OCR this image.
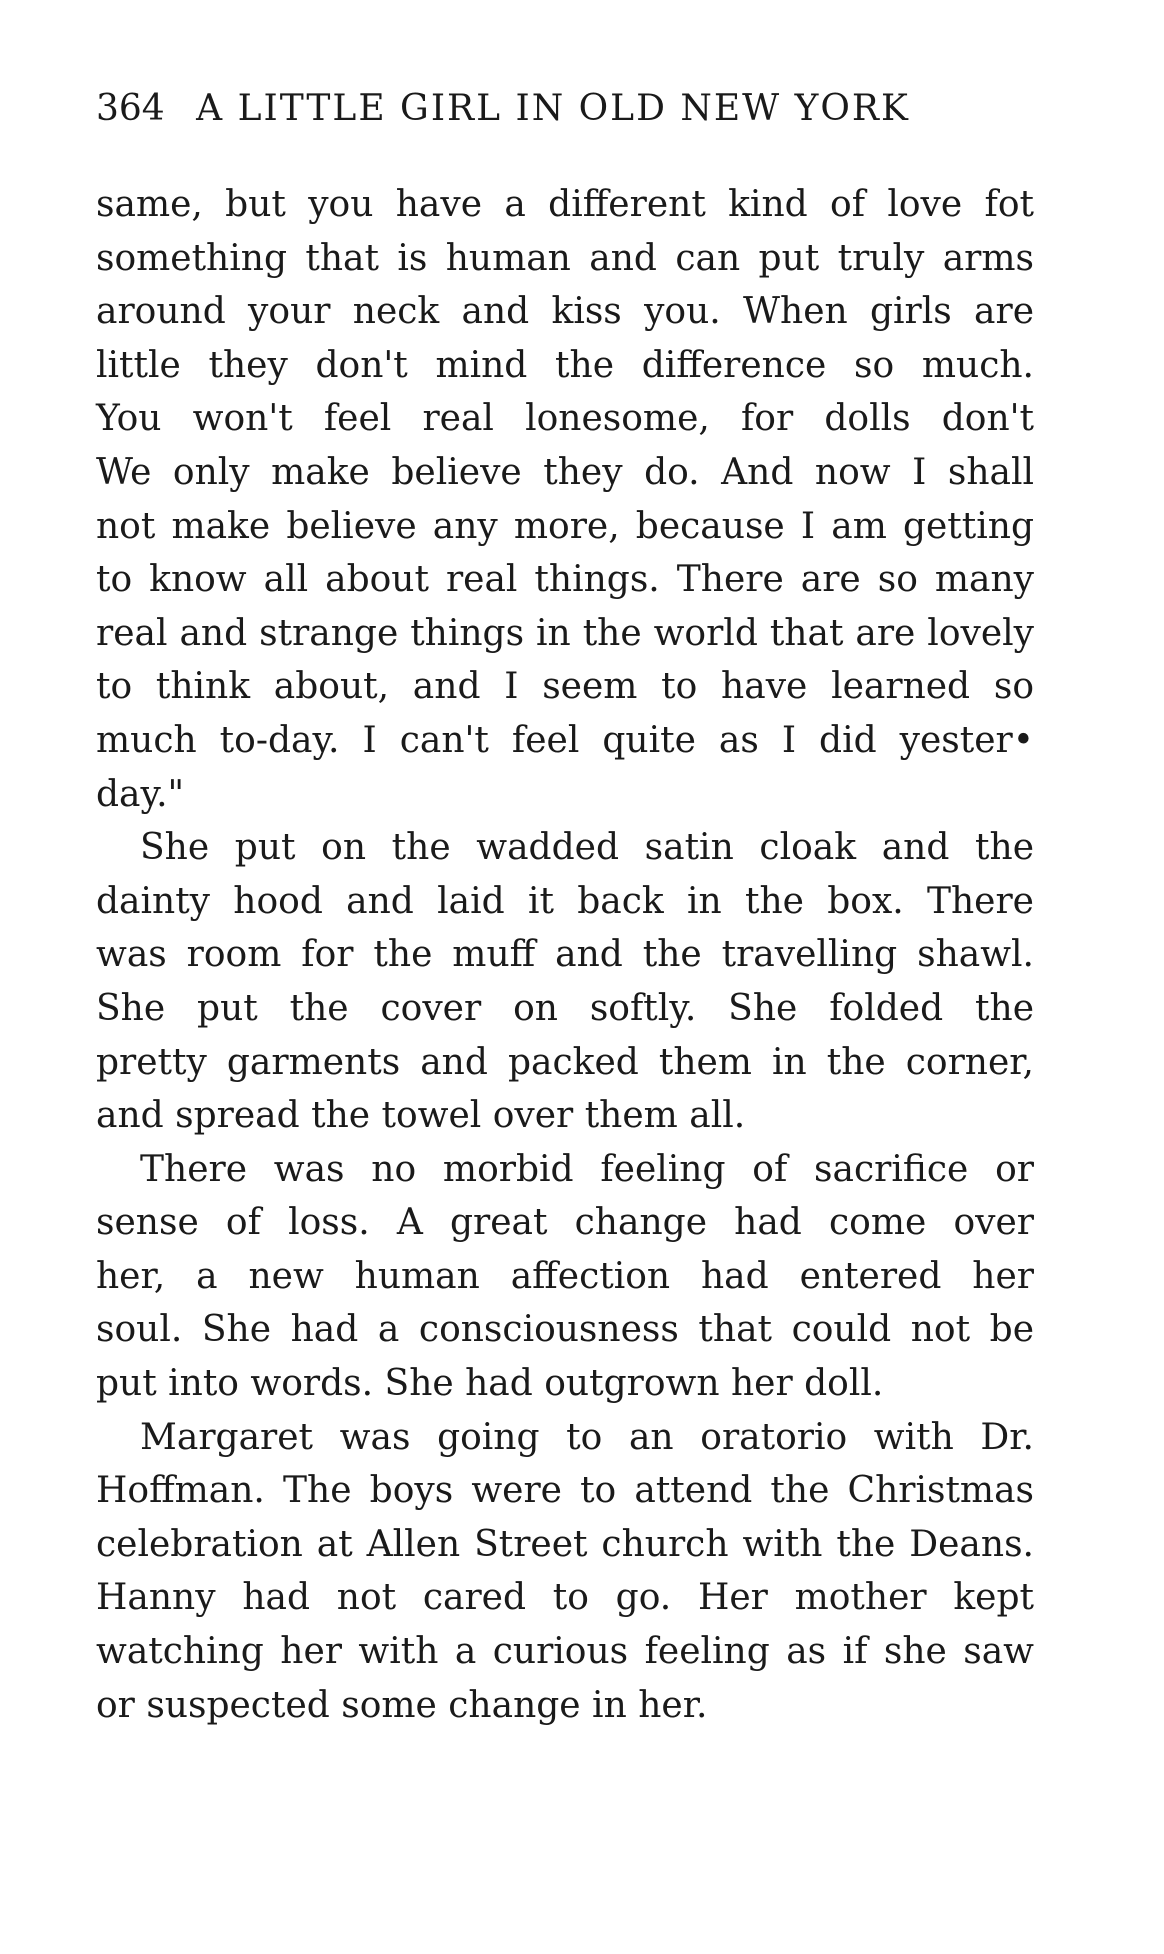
364 A LITTLE GIRL IN OLD NEW YORK
same, but you have a different kind of love fot
something that is human and can put truly arms
around your neck and kiss you. When girls are
little they don't mind the difference so much.
You won't feel real lonesome, for dolls don't
We only make believe they do. And now I shall
not make believe any more, because I am getting
to know all about real things. There are so many
real and strange things in the world that are lovely
to think about, and I seem to have learned so
much to-day. I can't feel quite as I did yester•
day."
She put on the wadded satin cloak and the
dainty hood and laid it back in the box. There
was room for the muff and the travelling shawl.
She put the cover on softly. She folded the
pretty garments and packed them in the corner,
and spread the towel over them all.
There was no morbid feeling of sacrifice or
sense of loss. A great change had come over
her, a new human affection had entered her
soul. She had a consciousness that could not be
put into words. She had outgrown her doll.
Margaret was going to an oratorio with Dr.
Hoffman. The boys were to attend the Christmas
celebration at Allen Street church with the Deans.
Hanny had not cared to go. Her mother kept
watching her with a curious feeling as if she saw
or suspected some change in her.
